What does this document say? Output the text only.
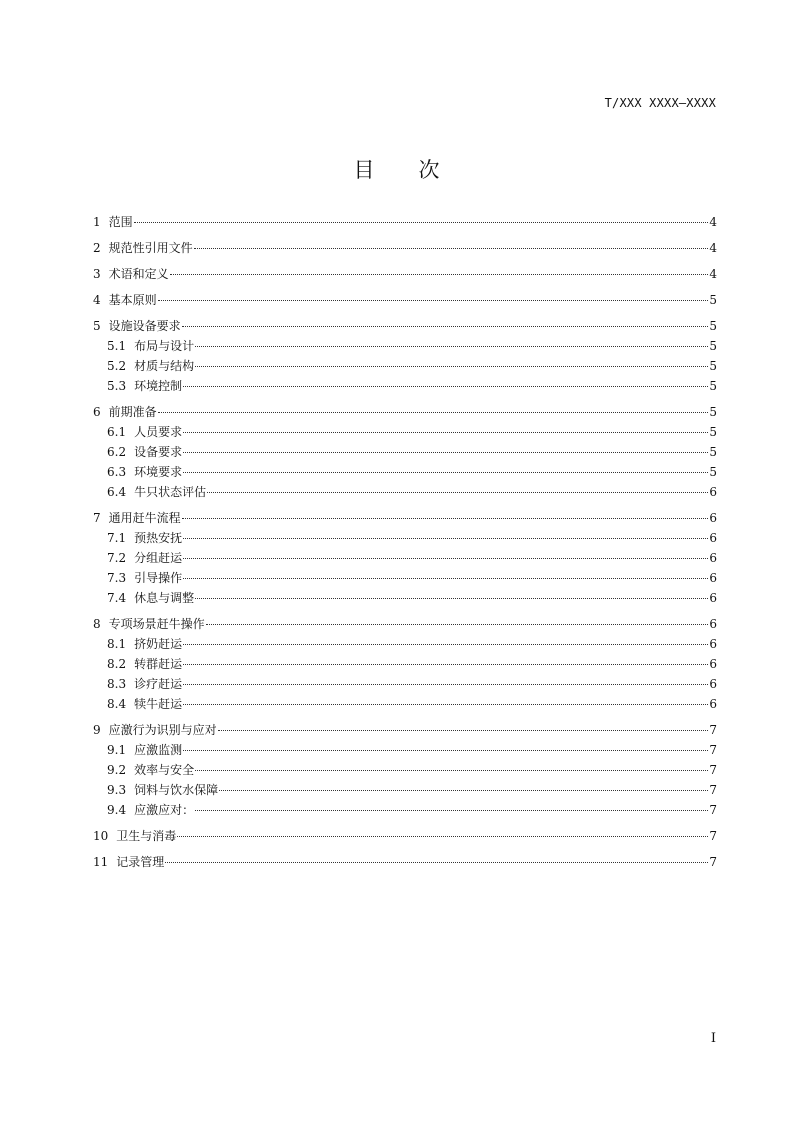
T/XXX XXXX—XXXX
目次
1 范围	4
2 规范性引用文件	4
3 术语和定义	4
4 基本原则	5
5 设施设备要求	5
5.1 布局与设计	5
5.2 材质与结构	5
5.3 环境控制	5
6 前期准备	5
6.1 人员要求	5
6.2 设备要求	5
6.3 环境要求	5
6.4 牛只状态评估	6
7 通用赶牛流程	6
7.1 预热安抚	6
7.2 分组赶运	6
7.3 引导操作	6
7.4 休息与调整	6
8 专项场景赶牛操作	6
8.1 挤奶赶运	6
8.2 转群赶运	6
8.3 诊疗赶运	6
8.4 犊牛赶运	6
9 应激行为识别与应对	7
9.1 应激监测	7
9.2 效率与安全	7
9.3 饲料与饮水保障	7
9.4 应激应对：	7
10 卫生与消毒	7
11 记录管理	7
I
